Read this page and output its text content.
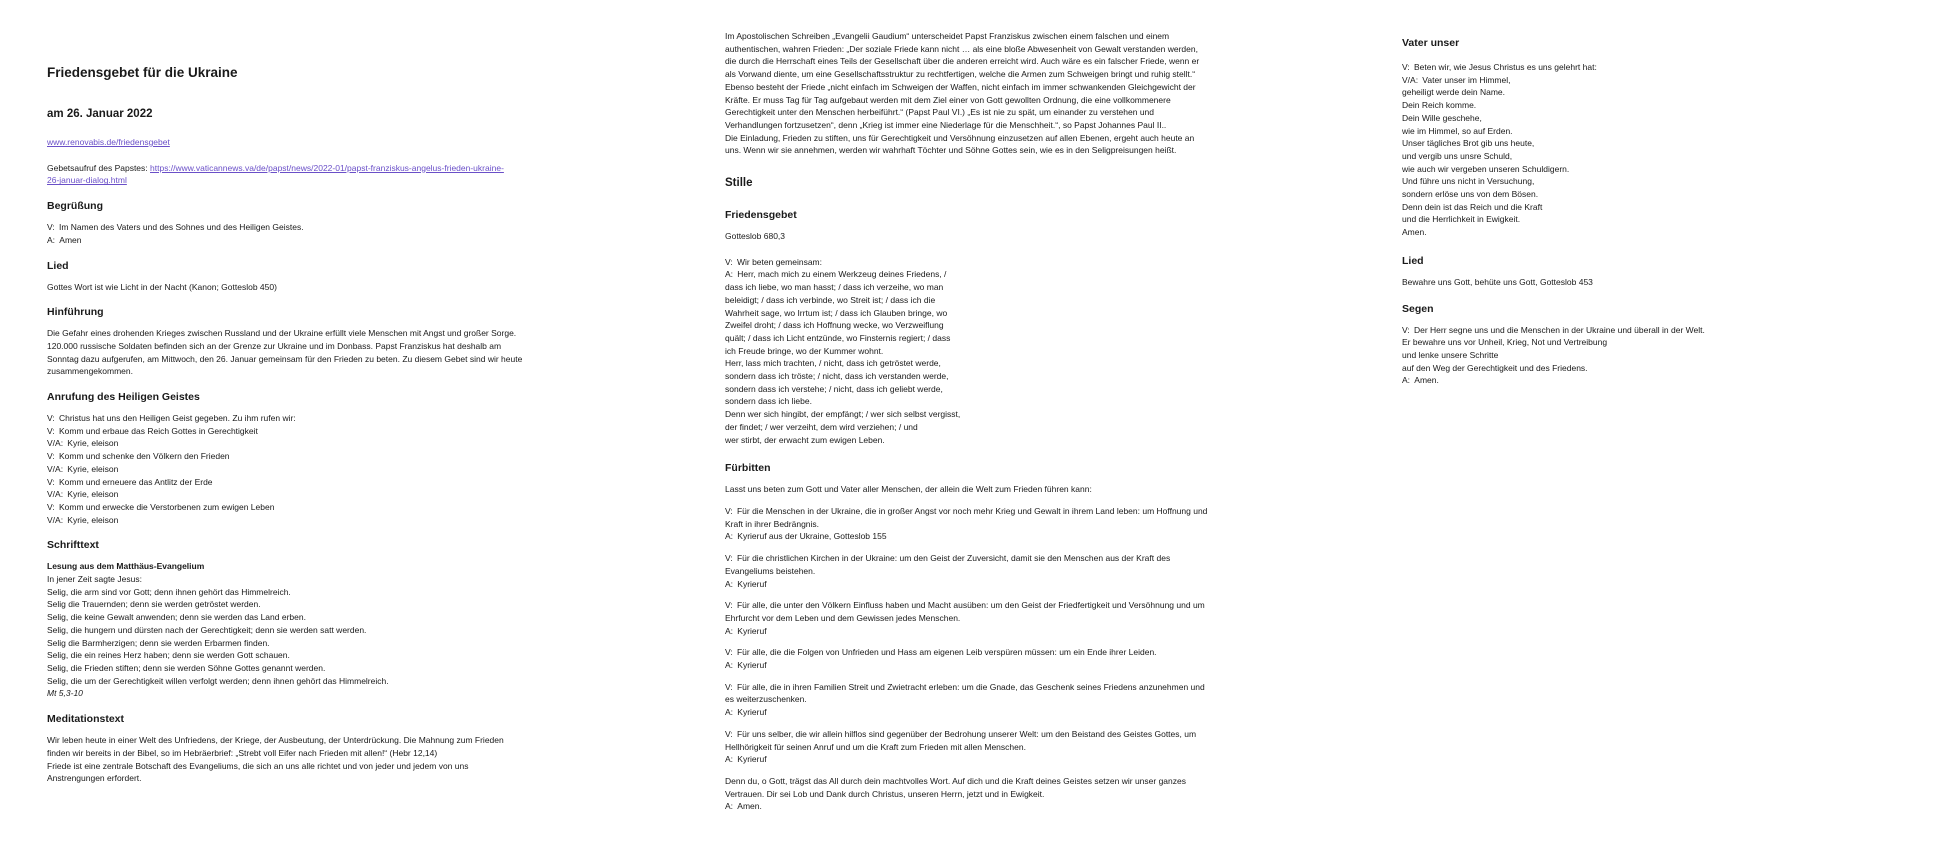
Friedensgebet für die Ukraine
am 26. Januar 2022

www.renovabis.de/friedensgebet

Gebetsaufruf des Papstes: https://www.vaticannews.va/de/papst/news/2022‑01/papst-franziskus-angelus-frieden-ukraine-
26-januar-dialog.html

Begrüßung

V: Im Namen des Vaters und des Sohnes und des Heiligen Geistes.
A: Amen

Lied

Gottes Wort ist wie Licht in der Nacht (Kanon; Gotteslob 450)

Hinführung

Die Gefahr eines drohenden Krieges zwischen Russland und der Ukraine erfüllt viele Menschen mit Angst und großer Sorge.
120.000 russische Soldaten befinden sich an der Grenze zur Ukraine und im Donbass. Papst Franziskus hat deshalb am
Sonntag dazu aufgerufen, am Mittwoch, den 26. Januar gemeinsam für den Frieden zu beten. Zu diesem Gebet sind wir heute
zusammengekommen.

Anrufung des Heiligen Geistes

V: Christus hat uns den Heiligen Geist gegeben. Zu ihm rufen wir:
V: Komm und erbaue das Reich Gottes in Gerechtigkeit
V/A: Kyrie, eleison
V: Komm und schenke den Völkern den Frieden
V/A: Kyrie, eleison
V: Komm und erneuere das Antlitz der Erde
V/A: Kyrie, eleison
V: Komm und erwecke die Verstorbenen zum ewigen Leben
V/A: Kyrie, eleison

Schrifttext

Lesung aus dem Matthäus-Evangelium
In jener Zeit sagte Jesus:
Selig, die arm sind vor Gott; denn ihnen gehört das Himmelreich.
Selig die Trauernden; denn sie werden getröstet werden.
Selig, die keine Gewalt anwenden; denn sie werden das Land erben.
Selig, die hungern und dürsten nach der Gerechtigkeit; denn sie werden satt werden.
Selig die Barmherzigen; denn sie werden Erbarmen finden.
Selig, die ein reines Herz haben; denn sie werden Gott schauen.
Selig, die Frieden stiften; denn sie werden Söhne Gottes genannt werden.
Selig, die um der Gerechtigkeit willen verfolgt werden; denn ihnen gehört das Himmelreich.
Mt 5,3‑10

Meditationstext

Wir leben heute in einer Welt des Unfriedens, der Kriege, der Ausbeutung, der Unterdrückung. Die Mahnung zum Frieden
finden wir bereits in der Bibel, so im Hebräerbrief: „Strebt voll Eifer nach Frieden mit allen!“ (Hebr 12,14)
Friede ist eine zentrale Botschaft des Evangeliums, die sich an uns alle richtet und von jeder und jedem von uns
Anstrengungen erfordert.

Im Apostolischen Schreiben „Evangelii Gaudium“ unterscheidet Papst Franziskus zwischen einem falschen und einem
authentischen, wahren Frieden: „Der soziale Friede kann nicht … als eine bloße Abwesenheit von Gewalt verstanden werden,
die durch die Herrschaft eines Teils der Gesellschaft über die anderen erreicht wird. Auch wäre es ein falscher Friede, wenn er
als Vorwand diente, um eine Gesellschaftsstruktur zu rechtfertigen, welche die Armen zum Schweigen bringt und ruhig stellt.“
Ebenso besteht der Friede „nicht einfach im Schweigen der Waffen, nicht einfach im immer schwankenden Gleichgewicht der
Kräfte. Er muss Tag für Tag aufgebaut werden mit dem Ziel einer von Gott gewollten Ordnung, die eine vollkommenere
Gerechtigkeit unter den Menschen herbeiführt.“ (Papst Paul VI.) „Es ist nie zu spät, um einander zu verstehen und
Verhandlungen fortzusetzen“, denn „Krieg ist immer eine Niederlage für die Menschheit.“, so Papst Johannes Paul II..
Die Einladung, Frieden zu stiften, uns für Gerechtigkeit und Versöhnung einzusetzen auf allen Ebenen, ergeht auch heute an
uns. Wenn wir sie annehmen, werden wir wahrhaft Töchter und Söhne Gottes sein, wie es in den Seligpreisungen heißt.

Stille
Friedensgebet

Gotteslob 680,3

V: Wir beten gemeinsam:
A: Herr, mach mich zu einem Werkzeug deines Friedens, /
dass ich liebe, wo man hasst; / dass ich verzeihe, wo man
beleidigt; / dass ich verbinde, wo Streit ist; / dass ich die
Wahrheit sage, wo Irrtum ist; / dass ich Glauben bringe, wo
Zweifel droht; / dass ich Hoffnung wecke, wo Verzweiflung
quält; / dass ich Licht entzünde, wo Finsternis regiert; / dass
ich Freude bringe, wo der Kummer wohnt.
Herr, lass mich trachten, / nicht, dass ich getröstet werde,
sondern dass ich tröste; / nicht, dass ich verstanden werde,
sondern dass ich verstehe; / nicht, dass ich geliebt werde,
sondern dass ich liebe.
Denn wer sich hingibt, der empfängt; / wer sich selbst vergisst,
der findet; / wer verzeiht, dem wird verziehen; / und
wer stirbt, der erwacht zum ewigen Leben.

Fürbitten

Lasst uns beten zum Gott und Vater aller Menschen, der allein die Welt zum Frieden führen kann:

V: Für die Menschen in der Ukraine, die in großer Angst vor noch mehr Krieg und Gewalt in ihrem Land leben: um Hoffnung und
Kraft in ihrer Bedrängnis.
A: Kyrieruf aus der Ukraine, Gotteslob 155

V: Für die christlichen Kirchen in der Ukraine: um den Geist der Zuversicht, damit sie den Menschen aus der Kraft des
Evangeliums beistehen.
A: Kyrieruf

V: Für alle, die unter den Völkern Einfluss haben und Macht ausüben: um den Geist der Friedfertigkeit und Versöhnung und um
Ehrfurcht vor dem Leben und dem Gewissen jedes Menschen.
A: Kyrieruf

V: Für alle, die die Folgen von Unfrieden und Hass am eigenen Leib verspüren müssen: um ein Ende ihrer Leiden.
A: Kyrieruf

V: Für alle, die in ihren Familien Streit und Zwietracht erleben: um die Gnade, das Geschenk seines Friedens anzunehmen und
es weiterzuschenken.
A: Kyrieruf

V: Für uns selber, die wir allein hilflos sind gegenüber der Bedrohung unserer Welt: um den Beistand des Geistes Gottes, um
Hellhörigkeit für seinen Anruf und um die Kraft zum Frieden mit allen Menschen.
A: Kyrieruf

Denn du, o Gott, trägst das All durch dein machtvolles Wort. Auf dich und die Kraft deines Geistes setzen wir unser ganzes
Vertrauen. Dir sei Lob und Dank durch Christus, unseren Herrn, jetzt und in Ewigkeit.
A: Amen.

Vater unser

V: Beten wir, wie Jesus Christus es uns gelehrt hat:
V/A: Vater unser im Himmel,
geheiligt werde dein Name.
Dein Reich komme.
Dein Wille geschehe,
wie im Himmel, so auf Erden.
Unser tägliches Brot gib uns heute,
und vergib uns unsre Schuld,
wie auch wir vergeben unseren Schuldigern.
Und führe uns nicht in Versuchung,
sondern erlöse uns von dem Bösen.
Denn dein ist das Reich und die Kraft
und die Herrlichkeit in Ewigkeit.
Amen.

Lied

Bewahre uns Gott, behüte uns Gott, Gotteslob 453

Segen

V: Der Herr segne uns und die Menschen in der Ukraine und überall in der Welt.
Er bewahre uns vor Unheil, Krieg, Not und Vertreibung
und lenke unsere Schritte
auf den Weg der Gerechtigkeit und des Friedens.
A: Amen.
